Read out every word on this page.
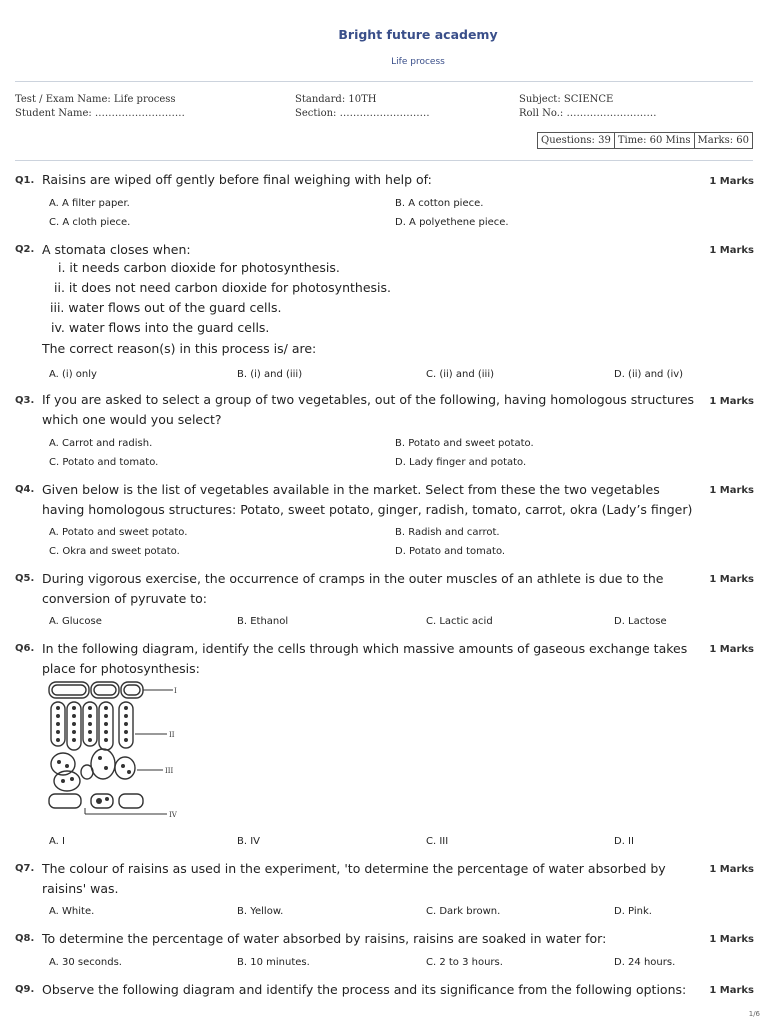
Bright future academy
Life process
Test / Exam Name: Life process
Student Name: ………………………
Standard: 10TH
Section: ………………………
Subject: SCIENCE
Roll No.: ………………………
Questions: 39 Time: 60 Mins Marks: 60
Q1. Raisins are wiped off gently before final weighing with help of:	1 Marks
A. A filter paper.	B. A cotton piece.
C. A cloth piece.	D. A polyethene piece.
Q2. A stomata closes when:	1 Marks
i. it needs carbon dioxide for photosynthesis.
ii. it does not need carbon dioxide for photosynthesis.
iii. water flows out of the guard cells.
iv. water flows into the guard cells.
The correct reason(s) in this process is/ are:
A. (i) only	B. (i) and (iii)	C. (ii) and (iii)	D. (ii) and (iv)
Q3. If you are asked to select a group of two vegetables, out of the following, having homologous structures which one would you select?
1 Marks
A. Carrot and radish.	B. Potato and sweet potato.
C. Potato and tomato.	D. Lady finger and potato.
Q4. Given below is the list of vegetables available in the market. Select from these the two vegetables having homologous structures: Potato, sweet potato, ginger, radish, tomato, carrot, okra (Lady’s finger)
1 Marks
A. Potato and sweet potato.	B. Radish and carrot.
C. Okra and sweet potato.	D. Potato and tomato.
Q5. During vigorous exercise, the occurrence of cramps in the outer muscles of an athlete is due to the conversion of pyruvate to:
1 Marks
A. Glucose	B. Ethanol	C. Lactic acid	D. Lactose
Q6. In the following diagram, identify the cells through which massive amounts of gaseous exchange takes place for photosynthesis:
1 Marks
I
II
III
IV
A. I	B. IV	C. III	D. II
Q7. The colour of raisins as used in the experiment, 'to determine the percentage of water absorbed by raisins' was.
1 Marks
A. White.	B. Yellow.	C. Dark brown.	D. Pink.
Q8. To determine the percentage of water absorbed by raisins, raisins are soaked in water for:	1 Marks
A. 30 seconds.	B. 10 minutes.	C. 2 to 3 hours.	D. 24 hours.
Q9. Observe the following diagram and identify the process and its significance from the following options:	1 Marks
1/6
